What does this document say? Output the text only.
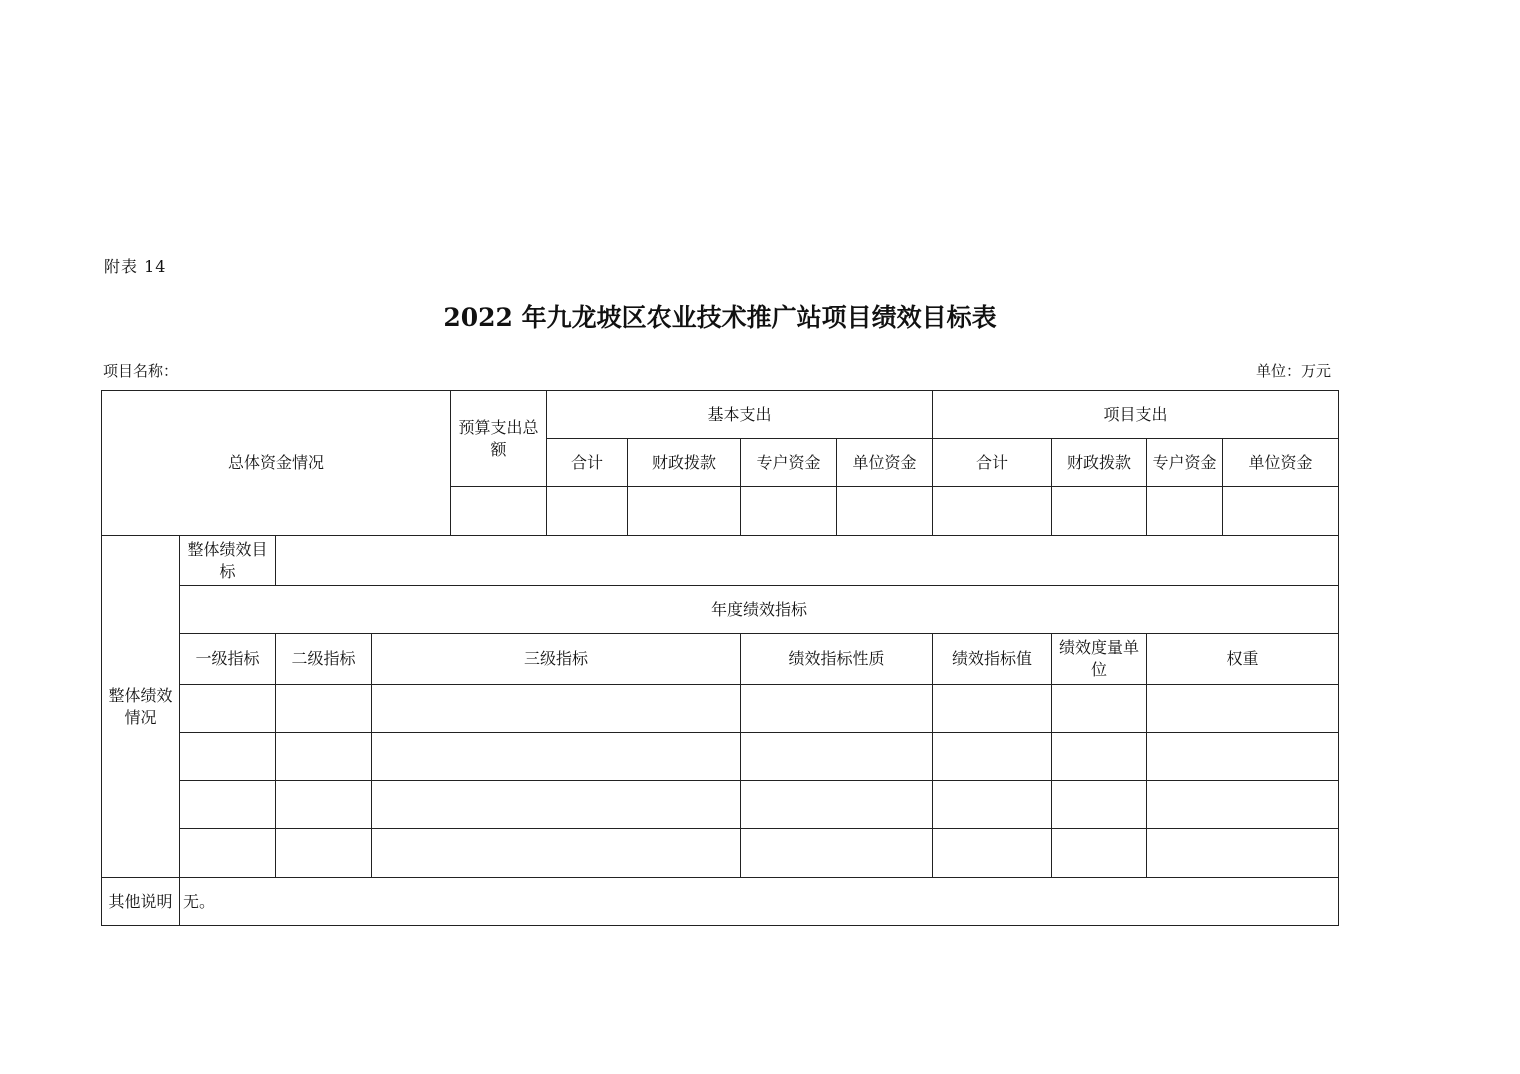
附表 14
2022 年九龙坡区农业技术推广站项目绩效目标表
项目名称：	单位：万元
总体资金情况				预算支出总额	基本支出				项目支出			
					合计	财政拨款	专户资金	单位资金	合计	财政拨款	专户资金	单位资金

整体绩效情况	整体绩效目标											
	年度绩效指标											
	一级指标	二级指标	三级指标				绩效指标性质		绩效指标值	绩效度量单位	权重	

其他说明	无。											
